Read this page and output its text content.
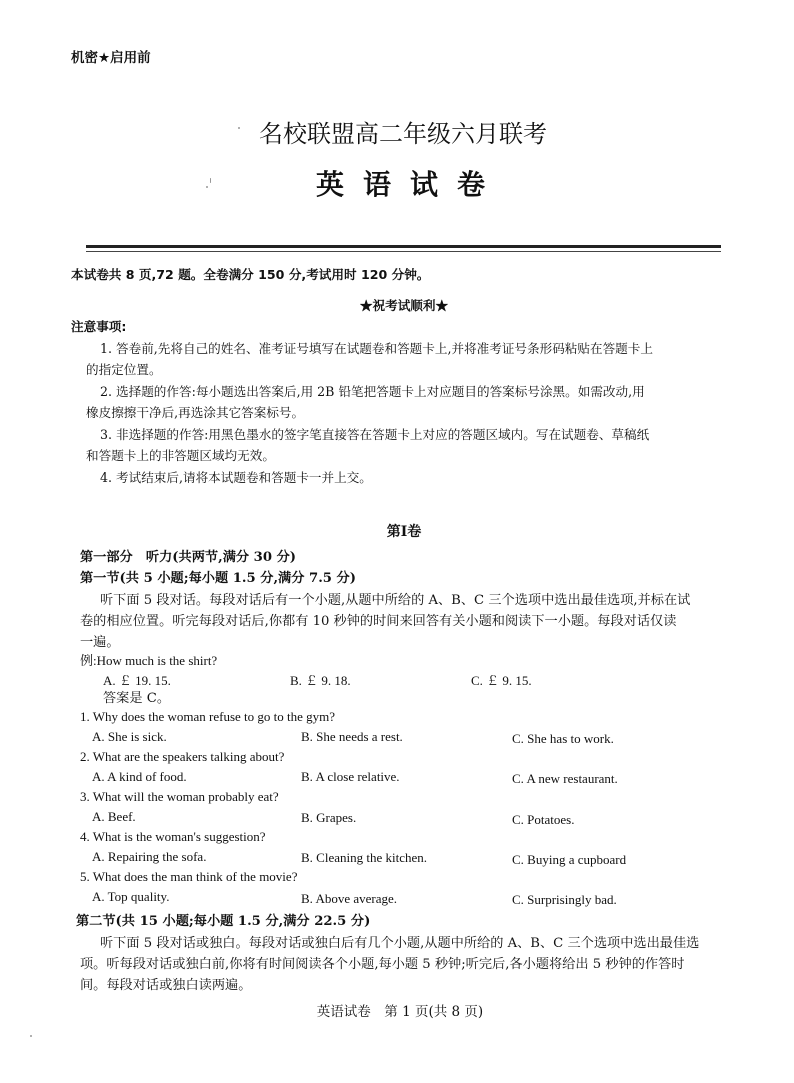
机密★启用前
名校联盟高二年级六月联考
英语试卷
本试卷共 8 页,72 题。全卷满分 150 分,考试用时 120 分钟。
★祝考试顺利★
注意事项:
1. 答卷前,先将自己的姓名、准考证号填写在试题卷和答题卡上,并将准考证号条形码粘贴在答题卡上
的指定位置。
2. 选择题的作答:每小题选出答案后,用 2B 铅笔把答题卡上对应题目的答案标号涂黑。如需改动,用
橡皮擦擦干净后,再选涂其它答案标号。
3. 非选择题的作答:用黑色墨水的签字笔直接答在答题卡上对应的答题区域内。写在试题卷、草稿纸
和答题卡上的非答题区域均无效。
4. 考试结束后,请将本试题卷和答题卡一并上交。
第Ⅰ卷
第一部分　听力(共两节,满分 30 分)
第一节(共 5 小题;每小题 1.5 分,满分 7.5 分)
听下面 5 段对话。每段对话后有一个小题,从题中所给的 A、B、C 三个选项中选出最佳选项,并标在试
卷的相应位置。听完每段对话后,你都有 10 秒钟的时间来回答有关小题和阅读下一小题。每段对话仅读
一遍。
例:How much is the shirt?
A. ￡ 19. 15.	B. ￡ 9. 18.	C. ￡ 9. 15.
答案是 C。
1. Why does the woman refuse to go to the gym?
A. She is sick.	B. She needs a rest.	C. She has to work.
2. What are the speakers talking about?
A. A kind of food.	B. A close relative.	C. A new restaurant.
3. What will the woman probably eat?
A. Beef.	B. Grapes.	C. Potatoes.
4. What is the woman's suggestion?
A. Repairing the sofa.	B. Cleaning the kitchen.	C. Buying a cupboard
5. What does the man think of the movie?
A. Top quality.	B. Above average.	C. Surprisingly bad.
第二节(共 15 小题;每小题 1.5 分,满分 22.5 分)
听下面 5 段对话或独白。每段对话或独白后有几个小题,从题中所给的 A、B、C 三个选项中选出最佳选
项。听每段对话或独白前,你将有时间阅读各个小题,每小题 5 秒钟;听完后,各小题将给出 5 秒钟的作答时
间。每段对话或独白读两遍。
英语试卷　第 1 页(共 8 页)
